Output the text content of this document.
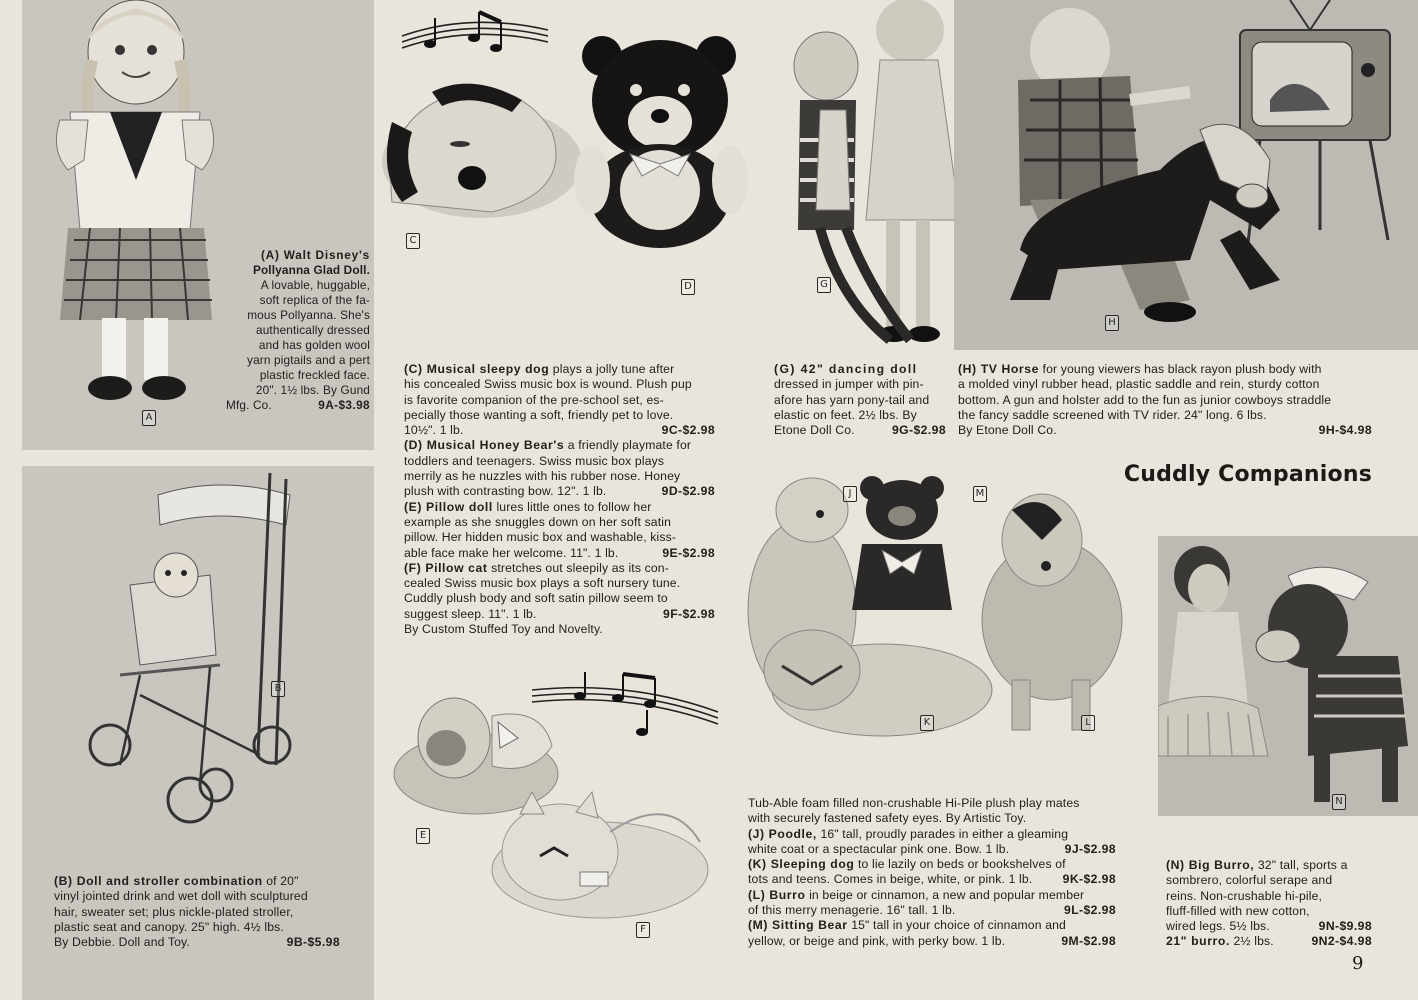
A
(A) Walt Disney's
Pollyanna Glad Doll.
A lovable, huggable,
soft replica of the fa-
mous Pollyanna. She's
authentically dressed
and has golden wool
yarn pigtails and a pert
plastic freckled face.
20". 1½ lbs. By Gund
Mfg. Co.	9A-$3.98
B
(B) Doll and stroller combination of 20"
vinyl jointed drink and wet doll with sculptured
hair, sweater set; plus nickle-plated stroller,
plastic seat and canopy. 25" high. 4½ lbs.
By Debbie. Doll and Toy.	9B-$5.98
C
D
(C) Musical sleepy dog plays a jolly tune after
his concealed Swiss music box is wound. Plush pup
is favorite companion of the pre-school set, es-
pecially those wanting a soft, friendly pet to love.
10½". 1 lb.	9C-$2.98
(D) Musical Honey Bear's a friendly playmate for
toddlers and teenagers. Swiss music box plays
merrily as he nuzzles with his rubber nose. Honey
plush with contrasting bow. 12". 1 lb.	9D-$2.98
(E) Pillow doll lures little ones to follow her
example as she snuggles down on her soft satin
pillow. Her hidden music box and washable, kiss-
able face make her welcome. 11". 1 lb.	9E-$2.98
(F) Pillow cat stretches out sleepily as its con-
cealed Swiss music box plays a soft nursery tune.
Cuddly plush body and soft satin pillow seem to
suggest sleep. 11". 1 lb.	9F-$2.98
By Custom Stuffed Toy and Novelty.
E
F
G
(G) 42" dancing doll
dressed in jumper with pin-
afore has yarn pony-tail and
elastic on feet. 2½ lbs. By
Etone Doll Co.	9G-$2.98
H
(H) TV Horse for young viewers has black rayon plush body with
a molded vinyl rubber head, plastic saddle and rein, sturdy cotton
bottom. A gun and holster add to the fun as junior cowboys straddle
the fancy saddle screened with TV rider. 24" long. 6 lbs.
By Etone Doll Co.	9H-$4.98
Cuddly Companions
J	M
K	L
Tub-Able foam filled non-crushable Hi-Pile plush play mates
with securely fastened safety eyes. By Artistic Toy.
(J) Poodle, 16" tall, proudly parades in either a gleaming
white coat or a spectacular pink one. Bow. 1 lb.	9J-$2.98
(K) Sleeping dog to lie lazily on beds or bookshelves of
tots and teens. Comes in beige, white, or pink. 1 lb. 9K-$2.98
(L) Burro in beige or cinnamon, a new and popular member
of this merry menagerie. 16" tall. 1 lb.	9L-$2.98
(M) Sitting Bear 15" tall in your choice of cinnamon and
yellow, or beige and pink, with perky bow. 1 lb.	9M-$2.98
N
(N) Big Burro, 32" tall, sports a
sombrero, colorful serape and
reins. Non-crushable hi-pile,
fluff-filled with new cotton,
wired legs. 5½ lbs.	9N-$9.98
21" burro. 2½ lbs.	9N2-$4.98
9
